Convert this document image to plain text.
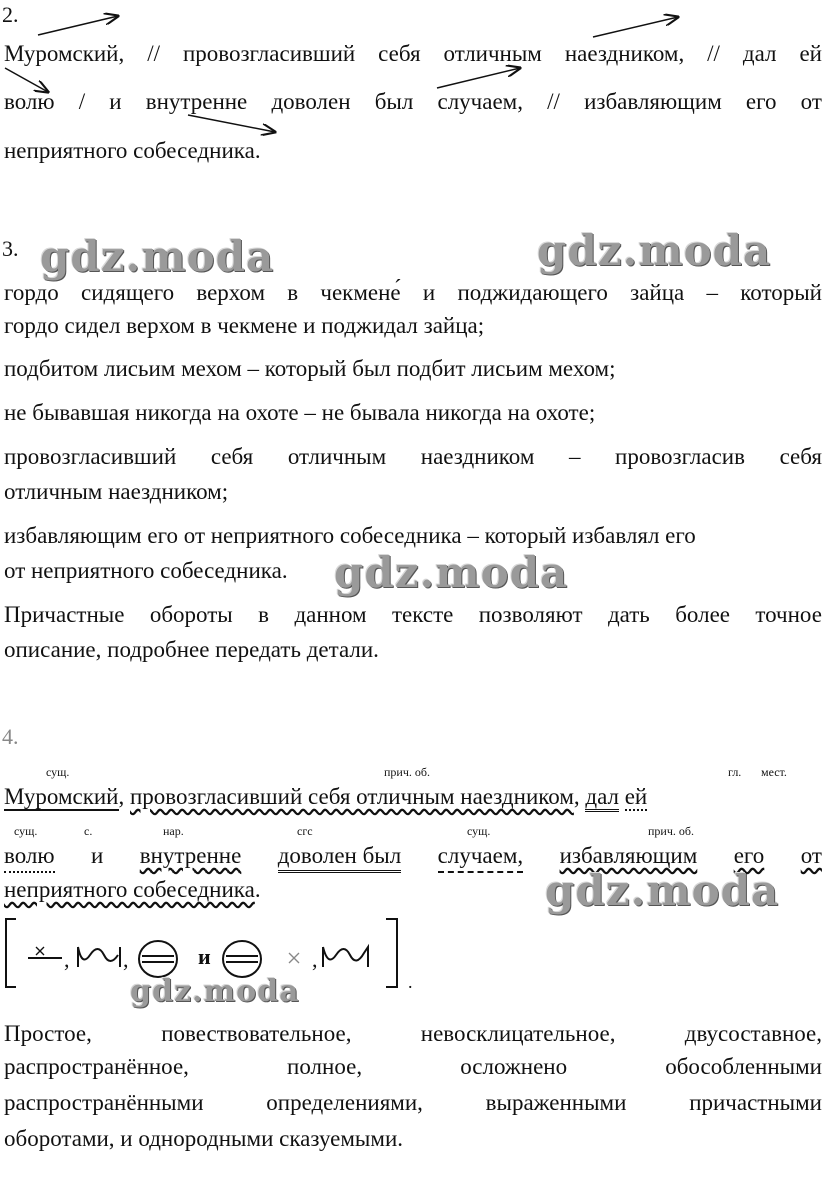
2.
Муромский, // провозгласивший себя отличным наездником, // дал ей
волю / и внутренне доволен был случаем, // избавляющим его от
неприятного собеседника.
3. gdz.moda	gdz.moda
гордо сидящего верхом в чекмене́ и поджидающего зайца – который
гордо сидел верхом в чекмене и поджидал зайца;
подбитом лисьим мехом – который был подбит лисьим мехом;
не бывавшая никогда на охоте – не бывала никогда на охоте;
провозгласивший себя отличным наездником – провозгласив себя
отличным наездником;
избавляющим его от неприятного собеседника – который избавлял его
от неприятного собеседника. gdz.moda
Причастные обороты в данном тексте позволяют дать более точное
описание, подробнее передать детали.
4.
сущ.	прич. об.	гл. мест.
Муромский, провозгласивший себя отличным наездником, дал ей
сущ.	с.	нар.	сгс	сущ.	прич. об.
волю и внутренне доволен был случаем, избавляющим его от
неприятного собеседника.	gdz.moda
, ,	,
и
.
gdz.moda
Простое,	повествовательное,	невосклицательное,	двусоставное,
распространённое,	полное,	осложнено	обособленными
распространёнными	определениями,	выраженными	причастными
оборотами, и однородными сказуемыми.
